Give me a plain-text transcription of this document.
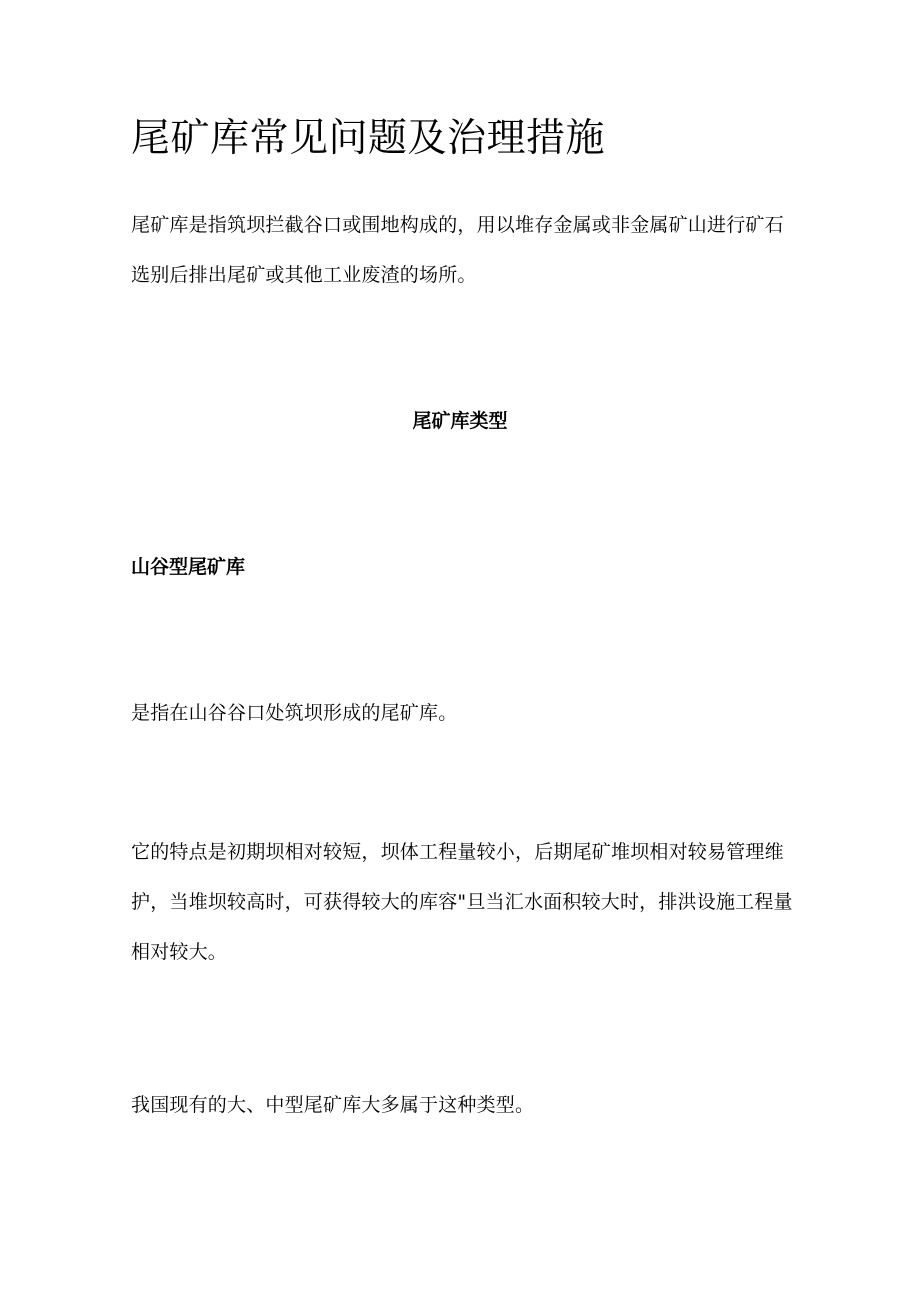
尾矿库常见问题及治理措施

尾矿库是指筑坝拦截谷口或围地构成的，用以堆存金属或非金属矿山进行矿石选别后排出尾矿或其他工业废渣的场所。

尾矿库类型
山谷型尾矿库

是指在山谷谷口处筑坝形成的尾矿库。

它的特点是初期坝相对较短，坝体工程量较小，后期尾矿堆坝相对较易管理维护，当堆坝较高时，可获得较大的库容"旦当汇水面积较大时，排洪设施工程量相对较大。

我国现有的大、中型尾矿库大多属于这种类型。
